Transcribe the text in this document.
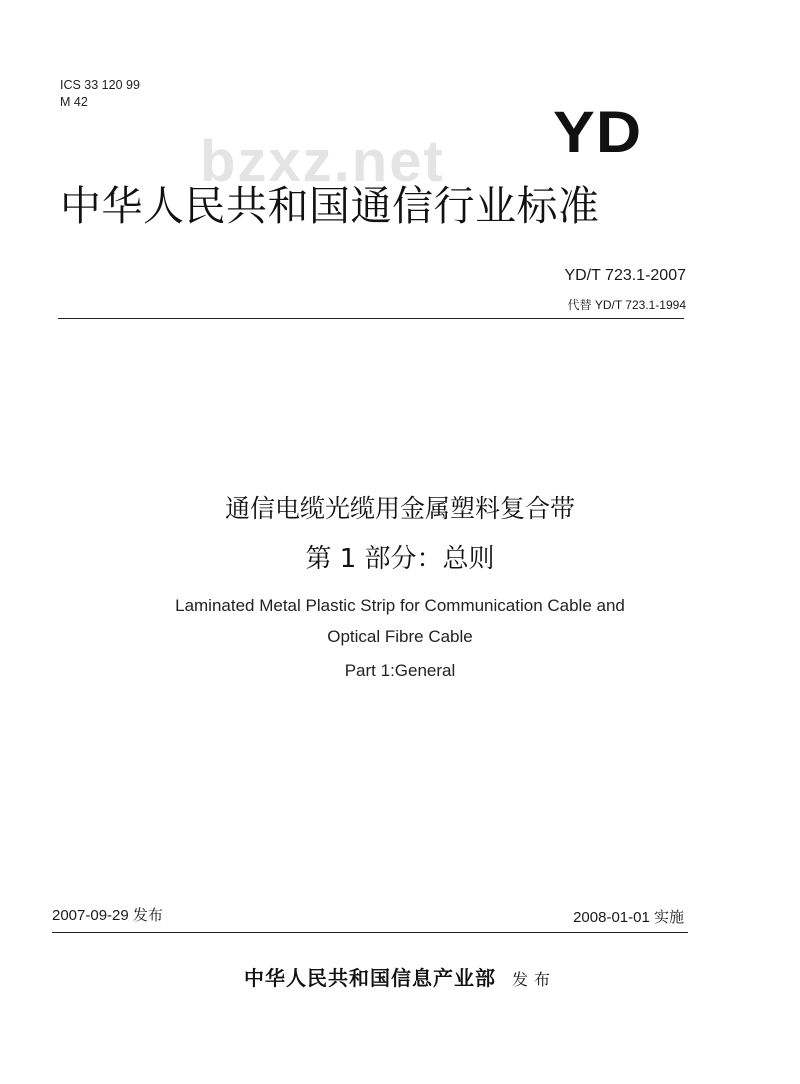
ICS 33 120 99
M 42
bzxz.net YD
中华人民共和国通信行业标准
YD/T 723.1-2007
代替 YD/T 723.1-1994
通信电缆光缆用金属塑料复合带
第 1 部分：总则
Laminated Metal Plastic Strip for Communication Cable and
Optical Fibre Cable
Part 1:General
2007-09-29 发布	2008-01-01 实施
中华人民共和国信息产业部 发布
